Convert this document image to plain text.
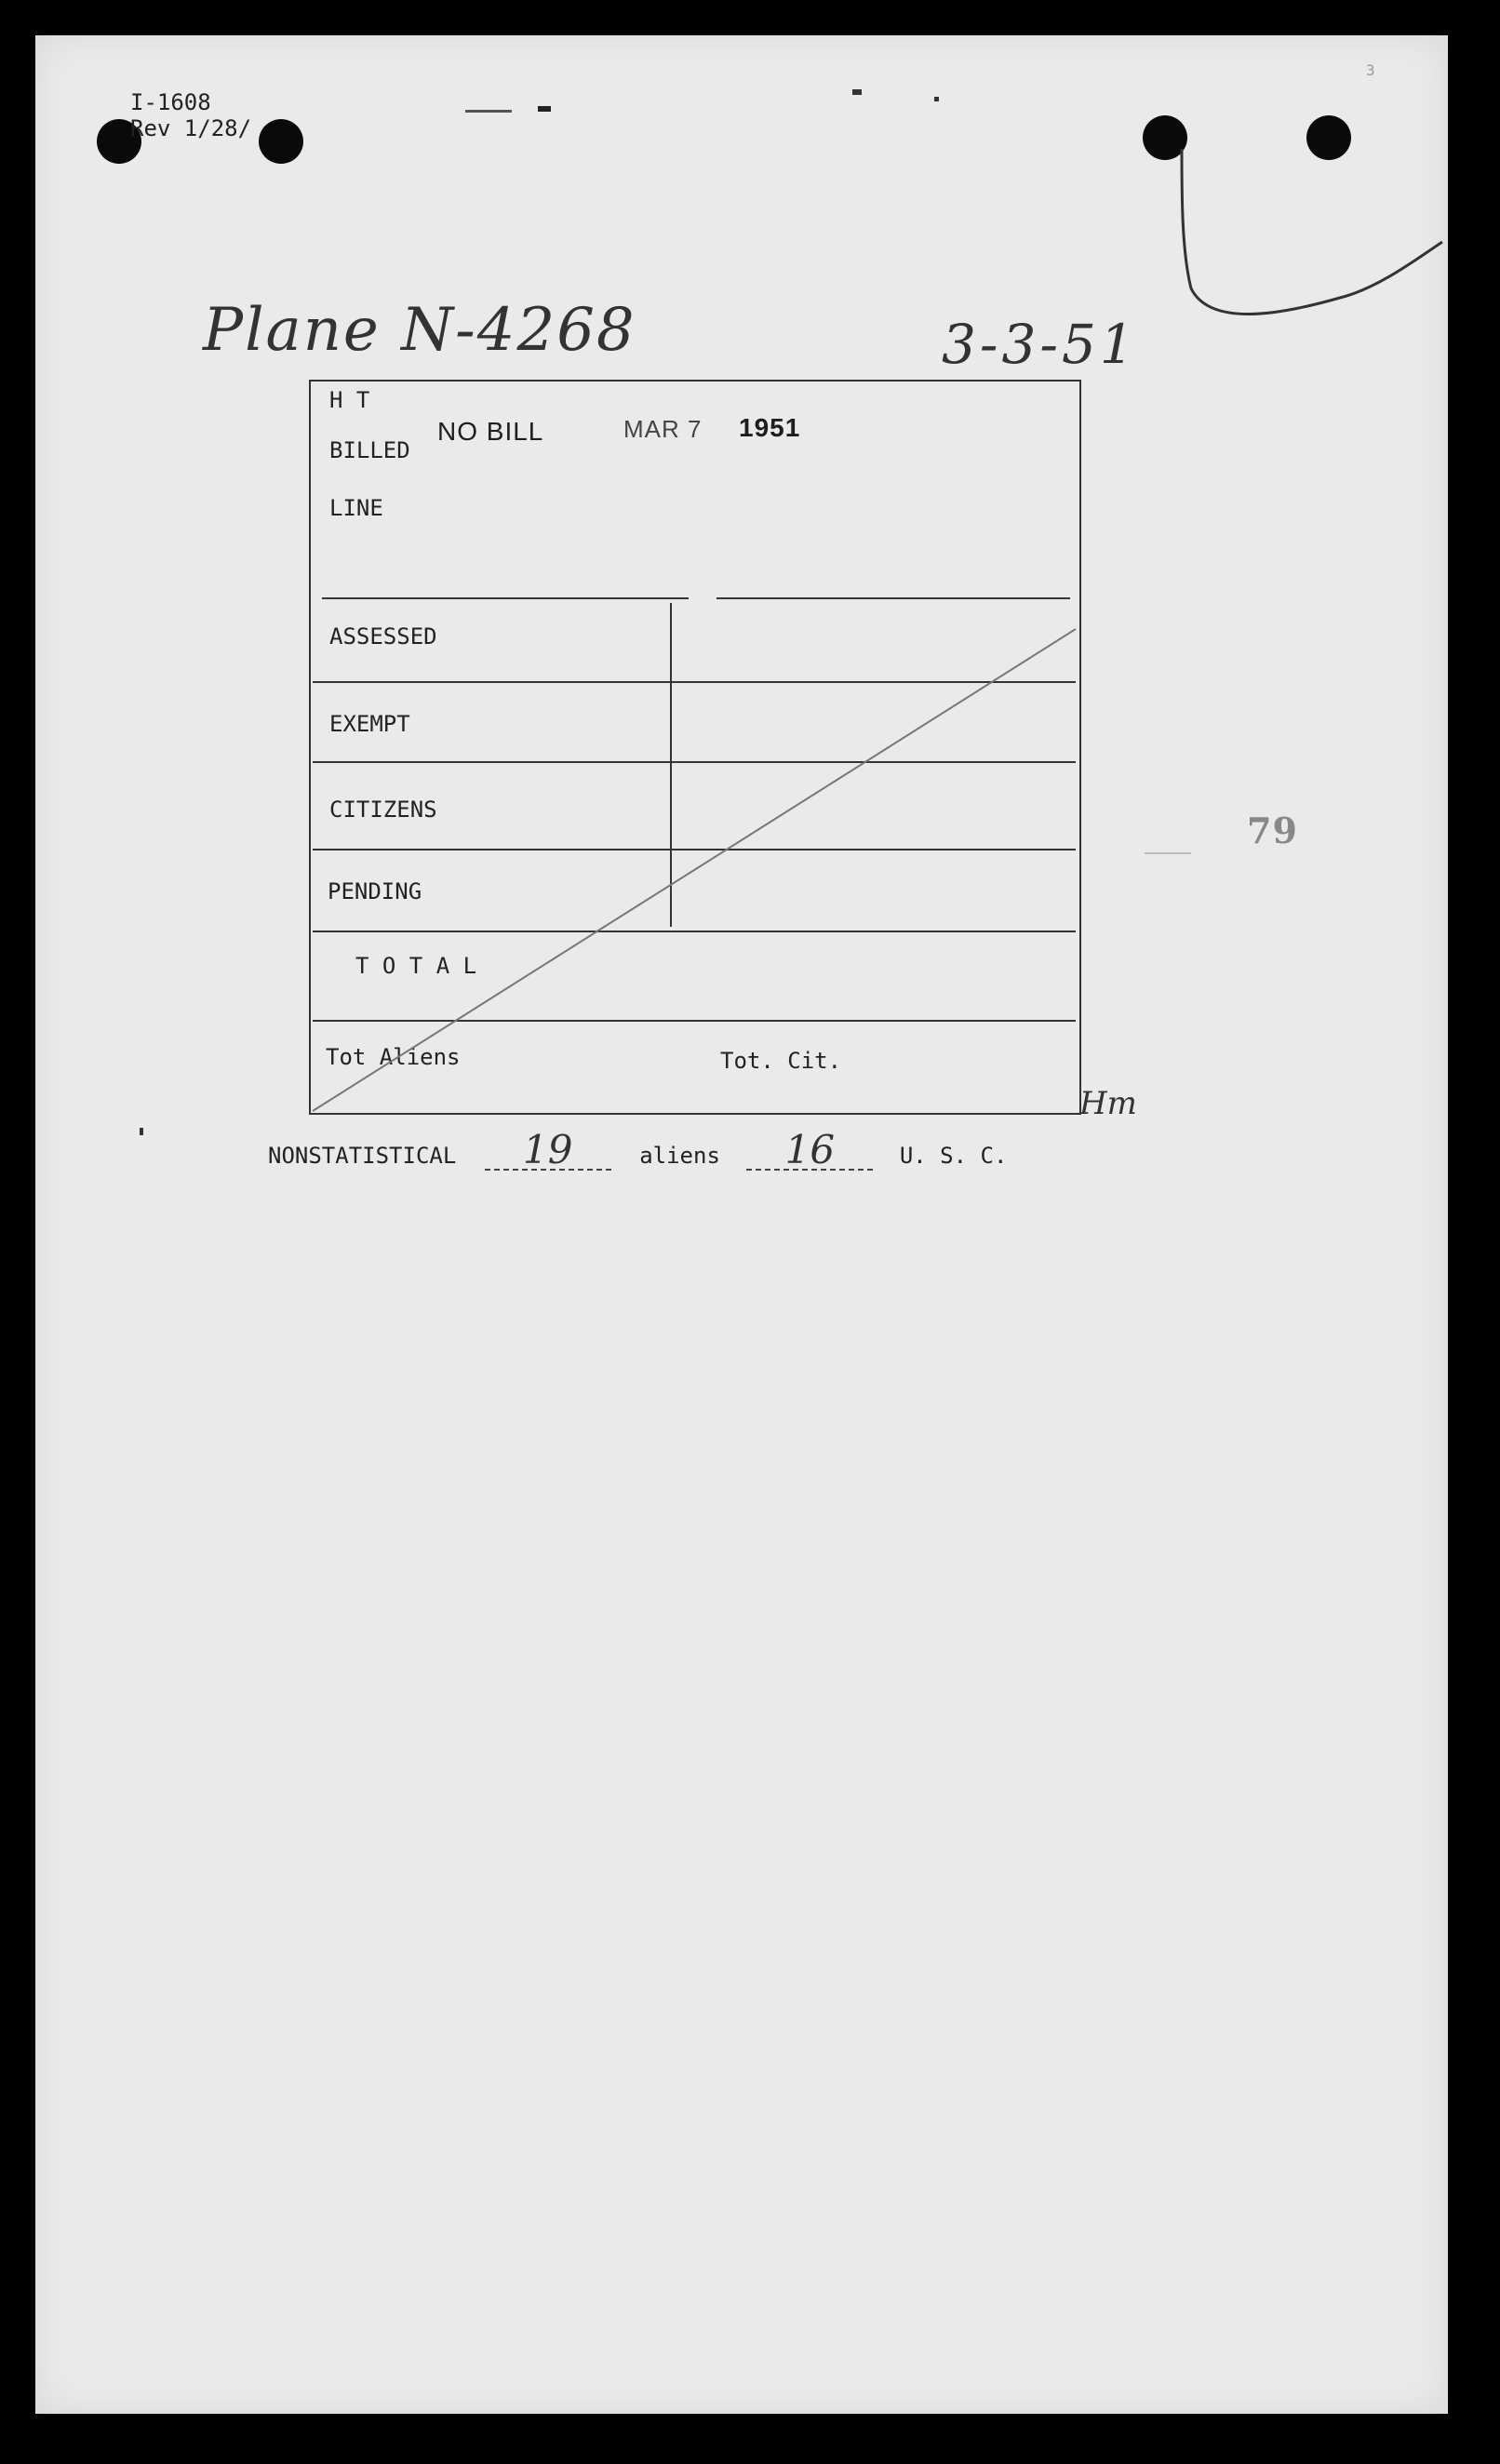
I-1608
Rev 1/28/
3
Plane N-4268	3-3-51
H T
BILLED
LINE
NO BILL	MAR 7 1951
ASSESSED
EXEMPT
CITIZENS
PENDING
T O T A L
Tot Aliens	Tot. Cit.
Hm
79
NONSTATISTICAL 19	aliens 16	U. S. C.
